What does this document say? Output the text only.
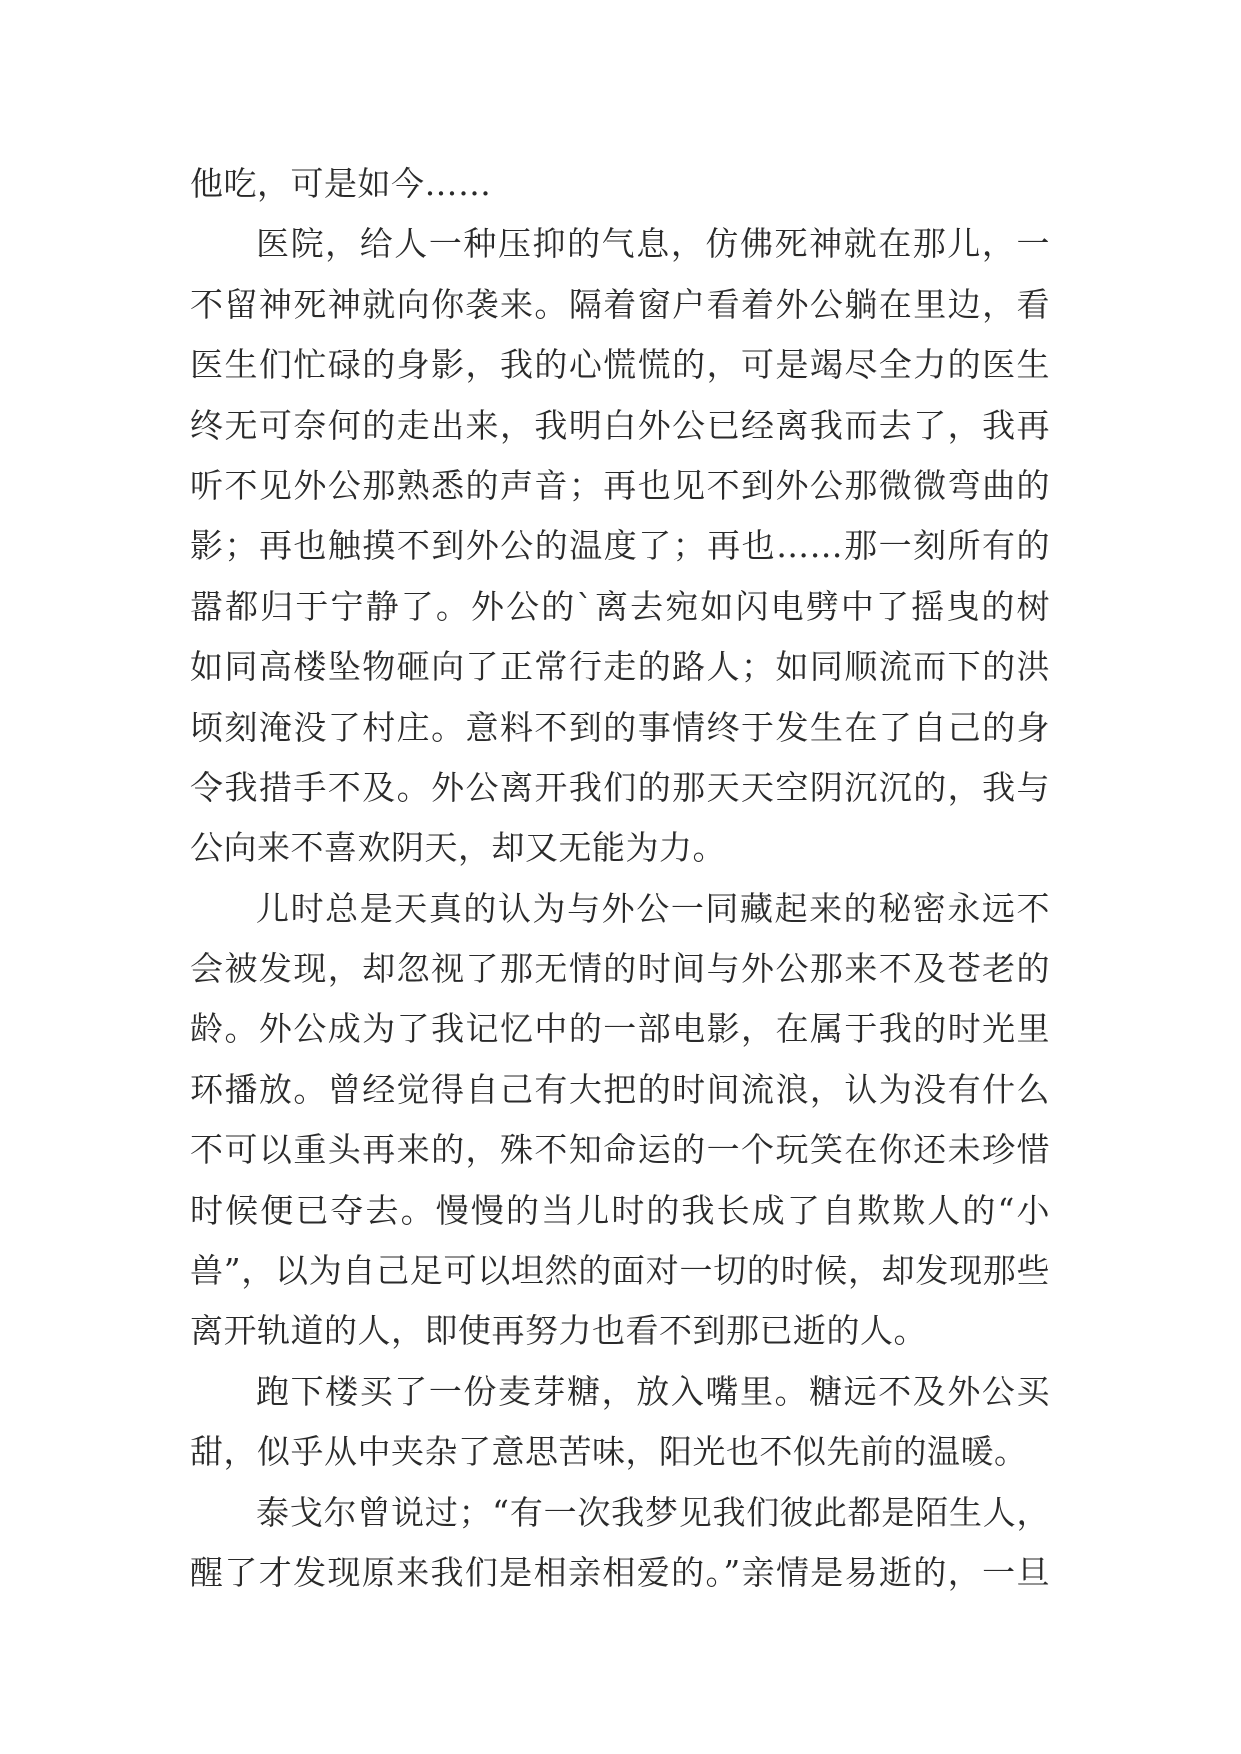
他吃，可是如今……
医院，给人一种压抑的气息，仿佛死神就在那儿，一
不留神死神就向你袭来。隔着窗户看着外公躺在里边，看
医生们忙碌的身影，我的心慌慌的，可是竭尽全力的医生
终无可奈何的走出来，我明白外公已经离我而去了，我再
听不见外公那熟悉的声音；再也见不到外公那微微弯曲的
影；再也触摸不到外公的温度了；再也……那一刻所有的
嚣都归于宁静了。外公的`离去宛如闪电劈中了摇曳的树
如同高楼坠物砸向了正常行走的路人；如同顺流而下的洪
顷刻淹没了村庄。意料不到的事情终于发生在了自己的身
令我措手不及。外公离开我们的那天天空阴沉沉的，我与
公向来不喜欢阴天，却又无能为力。
儿时总是天真的认为与外公一同藏起来的秘密永远不
会被发现，却忽视了那无情的时间与外公那来不及苍老的
龄。外公成为了我记忆中的一部电影，在属于我的时光里
环播放。曾经觉得自己有大把的时间流浪，认为没有什么
不可以重头再来的，殊不知命运的一个玩笑在你还未珍惜
时候便已夺去。慢慢的当儿时的我长成了自欺欺人的“小
兽”，以为自己足可以坦然的面对一切的时候，却发现那些
离开轨道的人，即使再努力也看不到那已逝的人。
跑下楼买了一份麦芽糖，放入嘴里。糖远不及外公买
甜，似乎从中夹杂了意思苦味，阳光也不似先前的温暖。
泰戈尔曾说过；“有一次我梦见我们彼此都是陌生人，
醒了才发现原来我们是相亲相爱的。”亲情是易逝的，一旦
